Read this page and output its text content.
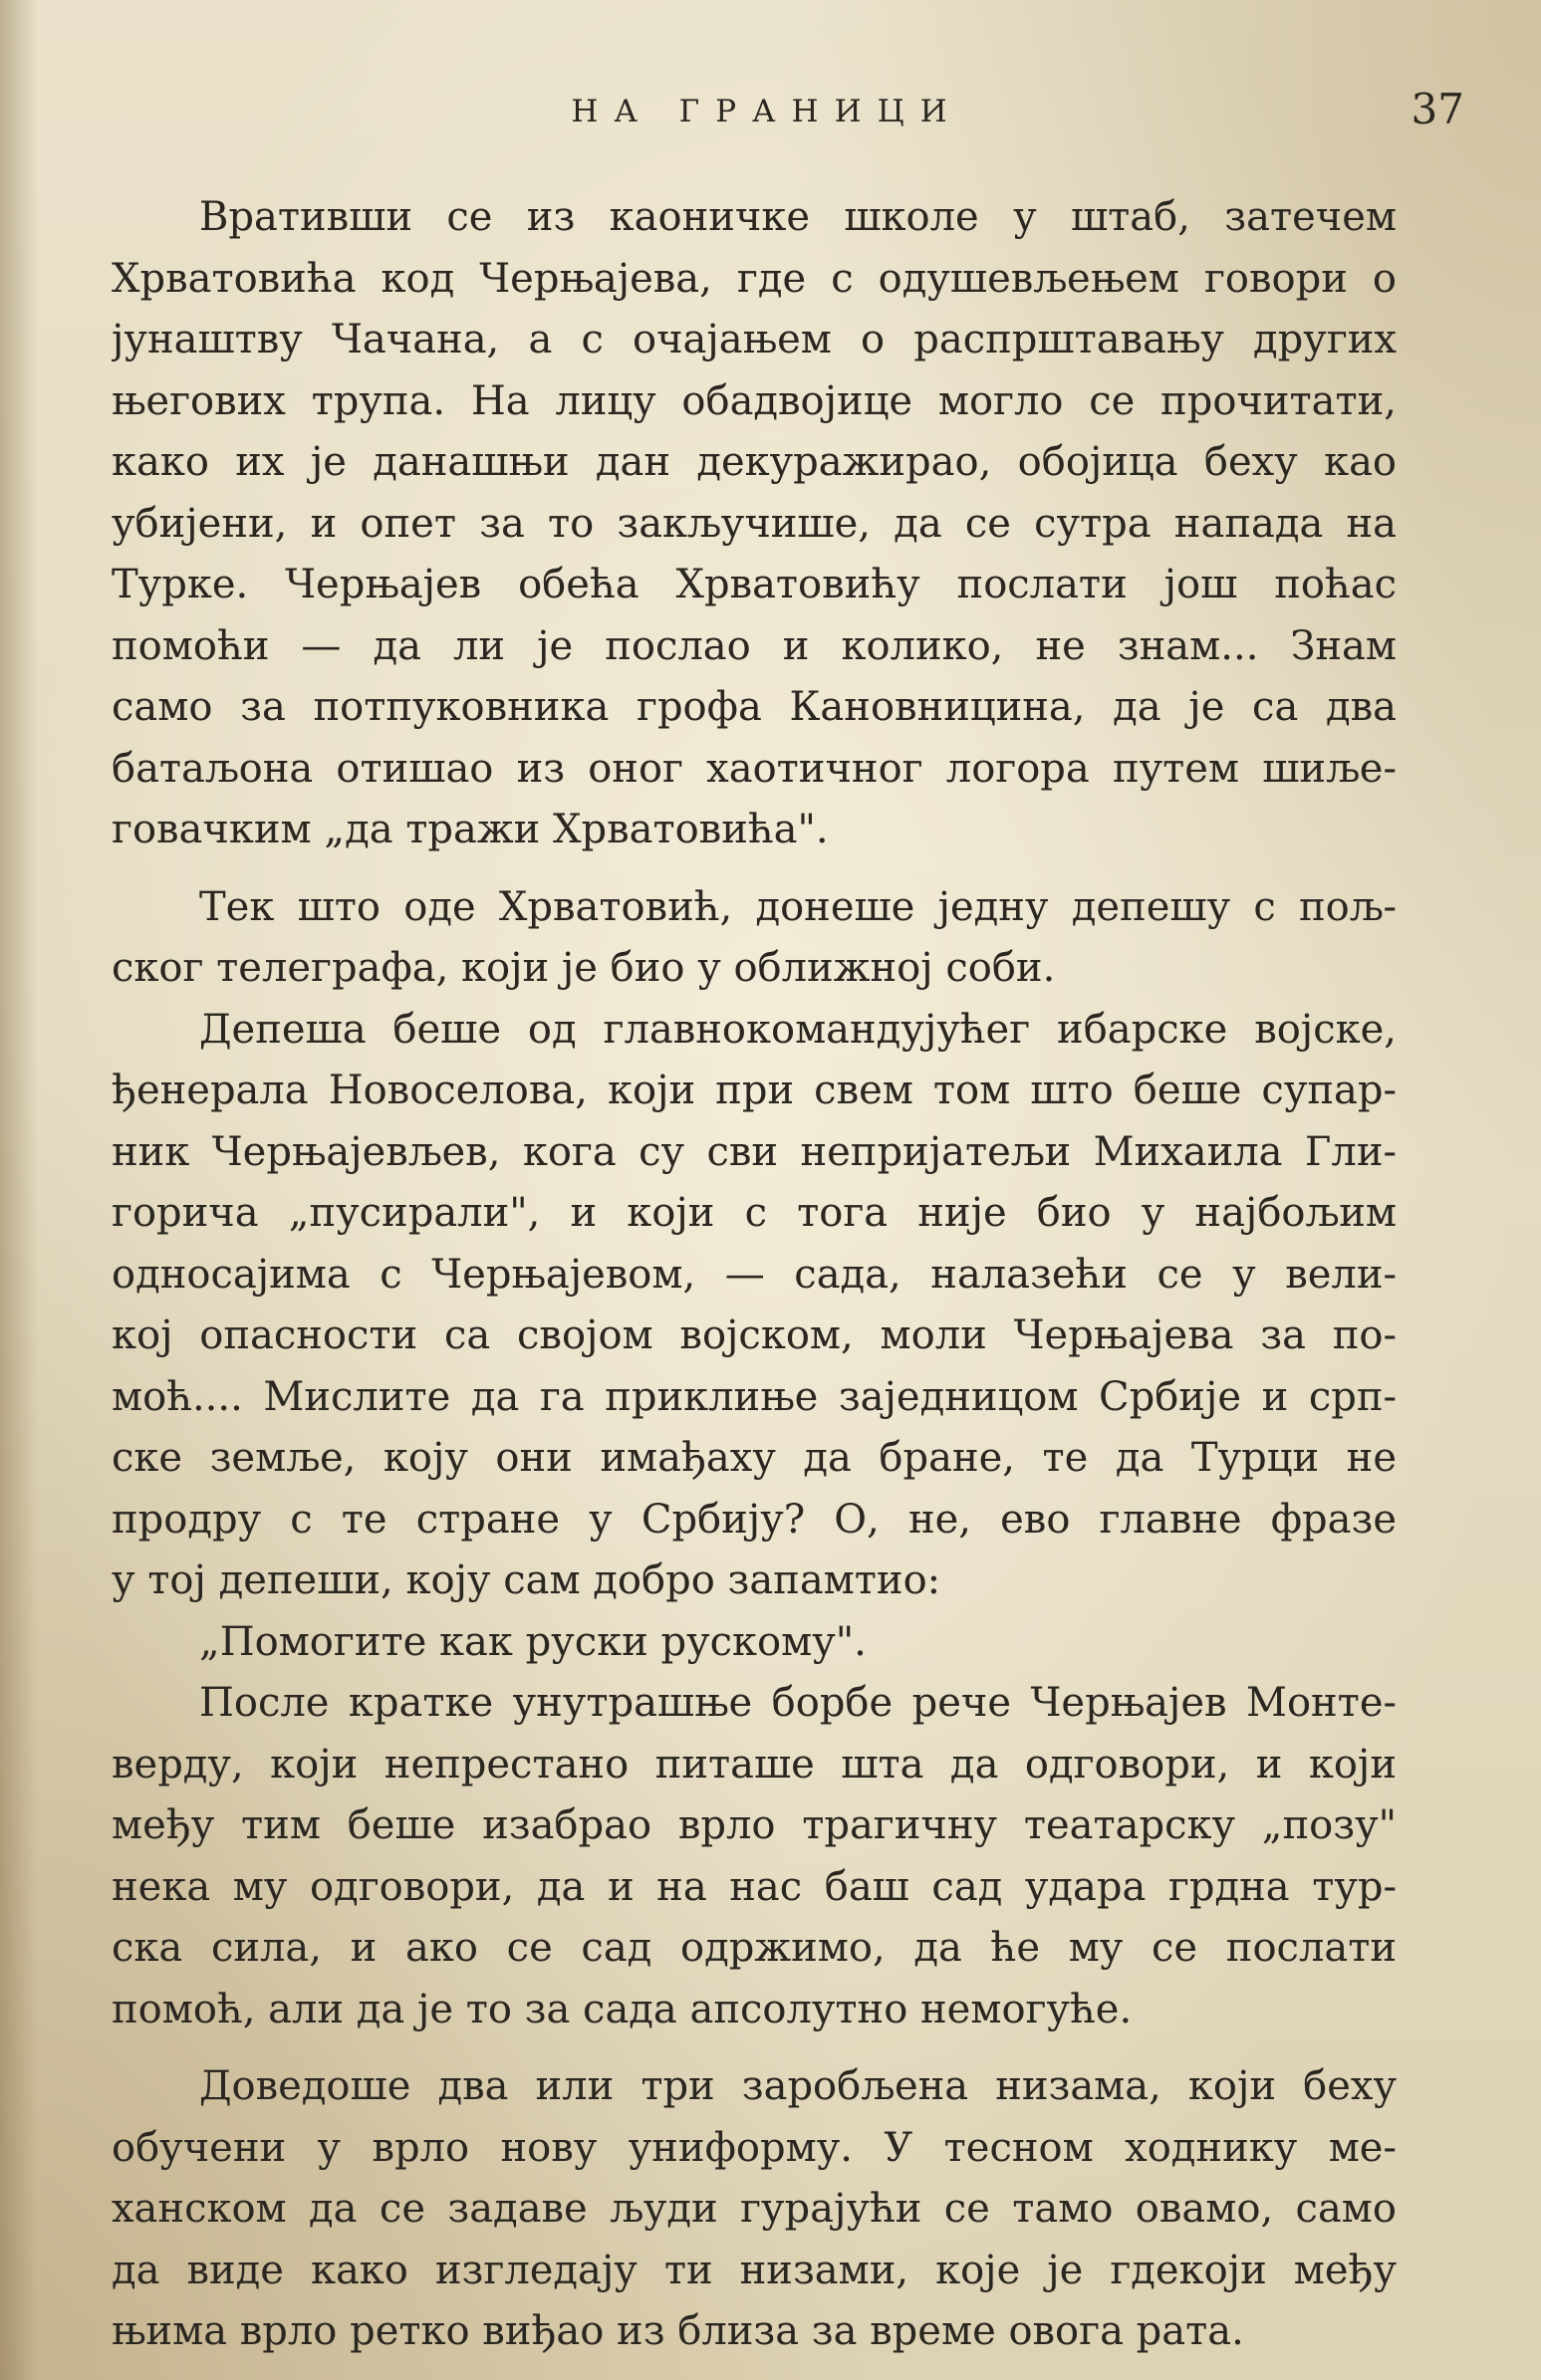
НА ГРАНИЦИ	37
Вративши се из каоничке школе у штаб, затечем
Хрватовића код Черњајева, где с одушевљењем говори о
јунаштву Чачана, а с очајањем о распрштавању других
његових трупа. На лицу обадвојице могло се прочитати,
како их је данашњи дан декуражирао, обојица беху као
убијени, и опет за то закључише, да се сутра напада на
Турке. Черњајев обећа Хрватовићу послати још поћас
помоћи — да ли је послао и колико, не знам... Знам
само за потпуковника грофа Кановницина, да је са два
батаљона отишао из оног хаотичног логора путем шиље-
говачким „да тражи Хрватовића".
Тек што оде Хрватовић, донеше једну депешу с пољ-
ског телеграфа, који је био у оближној соби.
Депеша беше од главнокомандујућег ибарске војске,
ђенерала Новоселова, који при свем том што беше супар-
ник Черњајевљев, кога су сви непријатељи Михаила Гли-
горича „пусирали", и који с тога није био у најбољим
односајима с Черњајевом, — сада, налазећи се у вели-
кој опасности са својом војском, моли Черњајева за по-
моћ.... Мислите да га приклиње заједницом Србије и срп-
ске земље, коју они имађаху да бране, те да Турци не
продру с те стране у Србију? О, не, ево главне фразе
у тој депеши, коју сам добро запамтио:
„Помогите как руски рускому".
После кратке унутрашње борбе рече Черњајев Монте-
верду, који непрестано питаше шта да одговори, и који
међу тим беше изабрао врло трагичну театарску „позу"
нека му одговори, да и на нас баш сад удара грдна тур-
ска сила, и ако се сад одржимо, да ће му се послати
помоћ, али да је то за сада апсолутно немогуће.
Доведоше два или три заробљена низама, који беху
обучени у врло нову униформу. У тесном ходнику ме-
ханском да се задаве људи гурајући се тамо овамо, само
да виде како изгледају ти низами, које је гдекоји међу
њима врло ретко виђао из близа за време овога рата.
